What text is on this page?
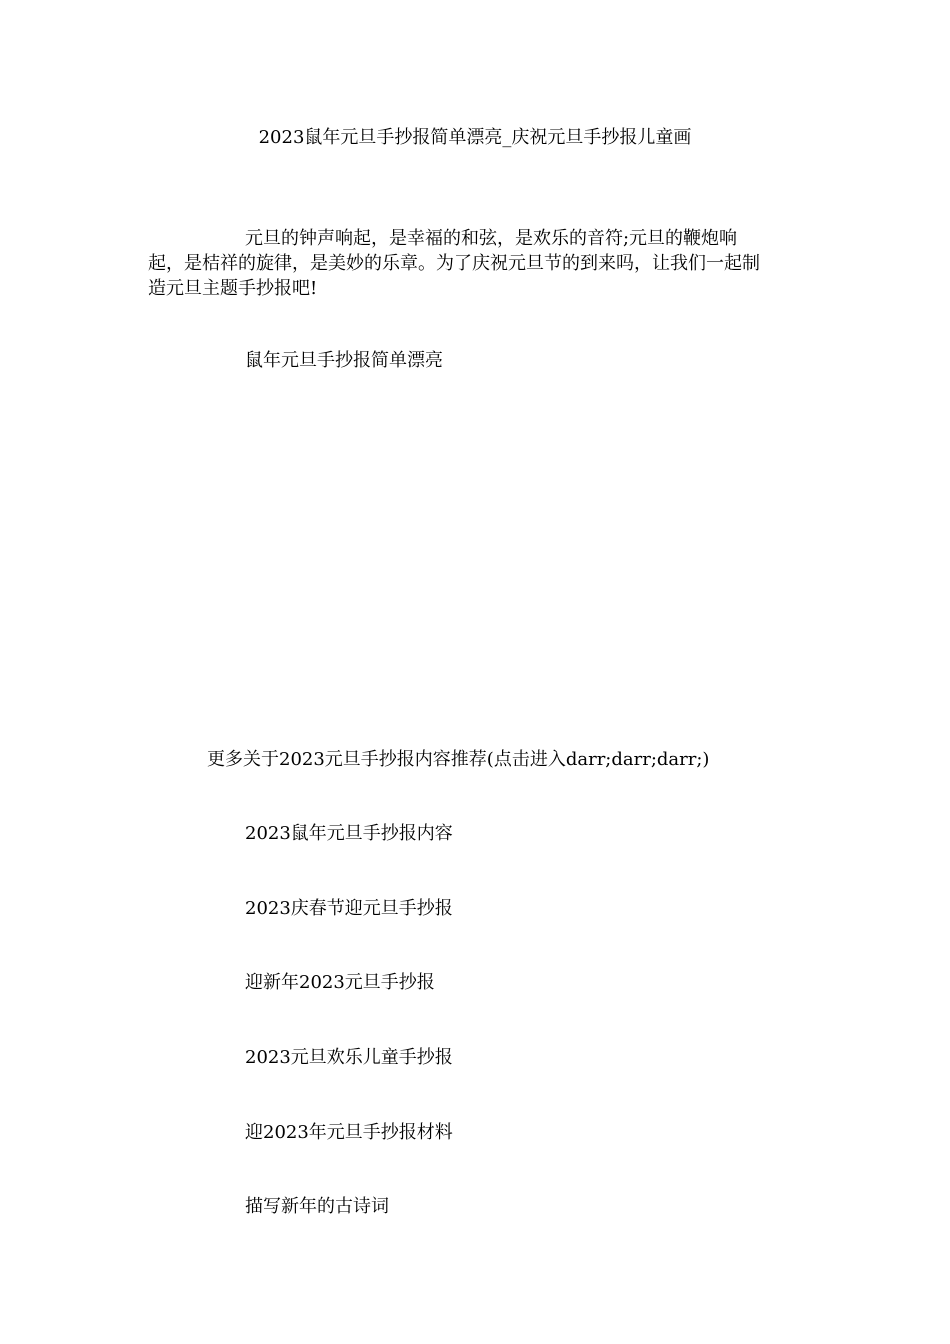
2023鼠年元旦手抄报简单漂亮_庆祝元旦手抄报儿童画
元旦的钟声响起，是幸福的和弦，是欢乐的音符;元旦的鞭炮响
起，是桔祥的旋律，是美妙的乐章。为了庆祝元旦节的到来吗，让我们一起制
造元旦主题手抄报吧!
鼠年元旦手抄报简单漂亮
更多关于2023元旦手抄报内容推荐(点击进入darr;darr;darr;)
2023鼠年元旦手抄报内容
2023庆春节迎元旦手抄报
迎新年2023元旦手抄报
2023元旦欢乐儿童手抄报
迎2023年元旦手抄报材料
描写新年的古诗词
